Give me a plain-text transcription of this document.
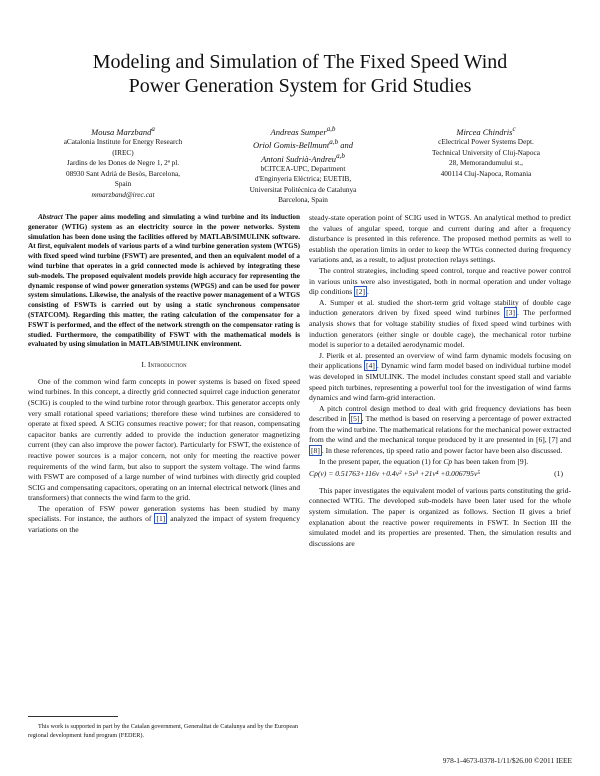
Modeling and Simulation of The Fixed Speed Wind
Power Generation System for Grid Studies
Mousa Marzband$^a$
aCatalonia Institute for Energy Research
(IREC)
Jardins de les Dones de Negre 1, 2ª pl.
08930 Sant Adrià de Besòs, Barcelona,
Spain
mmarzband@irec.cat
Andreas Sumper$^{a,b}$
Oriol Gomis-Bellmunt$^{a,b}$ and
Antoni Sudrià-Andreu$^{a,b}$
bCITCEA-UPC, Department
d'Enginyeria Elèctrica; EUETIB,
Universitat Politècnica de Catalunya
Barcelona, Spain
Mircea Chindris$^c$
cElectrical Power Systems Dept.
Technical University of Cluj-Napoca
28, Memorandumului st.,
400114 Cluj-Napoca, Romania

Abstract The paper aims modeling and simulating a wind turbine and its induction generator (WTIG) system as an electricity source in the power networks. System simulation has been done using the facilities offered by MATLAB/SIMULINK software. At first, equivalent models of various parts of a wind turbine generation system (WTGS) with fixed speed wind turbine (FSWT) are presented, and then an equivalent model of a wind turbine that operates in a grid connected mode is achieved by integrating these sub-models. The proposed equivalent models provide high accuracy for representing the dynamic response of wind power generation systems (WPGS) and can be used for power system simulations. Likewise, the analysis of the reactive power management of a WTGS consisting of FSWTs is carried out by using a static synchronous compensator (STATCOM). Regarding this matter, the rating calculation of the compensator for a FSWT is performed, and the effect of the network strength on the compensator rating is studied. Furthermore, the compatibility of FSWT with the mathematical models is evaluated by using simulation in MATLAB/SIMULINK environment.

I. Introduction

One of the common wind farm concepts in power systems is based on fixed speed wind turbines. In this concept, a directly grid connected squirrel cage induction generator (SCIG) is coupled to the wind turbine rotor through gearbox. This generator accepts only very small rotational speed variations; therefore these wind turbines are considered to operate at fixed speed. A SCIG consumes reactive power; for that reason, compensating capacitor banks are currently added to provide the induction generator magnetizing current (they can also improve the power factor). Particularly for FSWT, the existence of reactive power sources is a major concern, not only for meeting the reactive power requirements of the wind farm, but also to support the system voltage. The wind farms with FSWT are composed of a large number of wind turbines with directly grid coupled SCIG and compensating capacitors, operating on an internal electrical network (lines and transformers) that connects the wind farm to the grid.

The operation of FSW power generation systems has been studied by many specialists. For instance, the authors of [1] analyzed the impact of system frequency variations on the

steady-state operation point of SCIG used in WTGS. An analytical method to predict the values of angular speed, torque and current during and after a frequency disturbance is presented in this reference. The proposed method permits as well to establish the operation limits in order to keep the WTGs connected during frequency variations and, as a result, to adjust protection relays settings.

The control strategies, including speed control, torque and reactive power control in various units were also investigated, both in normal operation and under voltage dip conditions [2] .

A. Sumper et al. studied the short-term grid voltage stability of double cage induction generators driven by fixed speed wind turbines [3] . The performed analysis shows that for voltage stability studies of fixed speed wind turbines with induction generators (either single or double cage), the mechanical rotor turbine model is superior to a detailed aerodynamic model.

J. Pierik et al. presented an overview of wind farm dynamic models focusing on their applications [4] . Dynamic wind farm model based on individual turbine model was developed in SIMULINK. The model includes constant speed stall and variable speed pitch turbines, representing a powerful tool for the investigation of wind farms dynamics and wind farm-grid interaction.

A pitch control design method to deal with grid frequency deviations has been described in [5] . The method is based on reserving a percentage of power extracted from the wind turbine. The mathematical relations for the mechanical power extracted from the wind and the mechanical torque produced by it are presented in [6], [7] and [8] . In these references, tip speed ratio and power factor have been also discussed.

In the present paper, the equation (1) for Cp has been taken from [9].

Cp(v) = 0.51763+116v +0.4v² +5v³ +21v⁴ +0.006795v⁵	(1)

This paper investigates the equivalent model of various parts constituting the grid-connected WTIG. The developed sub-models have been later used for the whole system simulation. The paper is organized as follows. Section II gives a brief explanation about the reactive power requirements in FSWT. In Section III the simulated model and its properties are presented. Then, the simulation results and discussions are

This work is supported in part by the Catalan government, Generalitat de Catalunya and by the European regional development fund program (FEDER).
978-1-4673-0378-1/11/$26.00 ©2011 IEEE
